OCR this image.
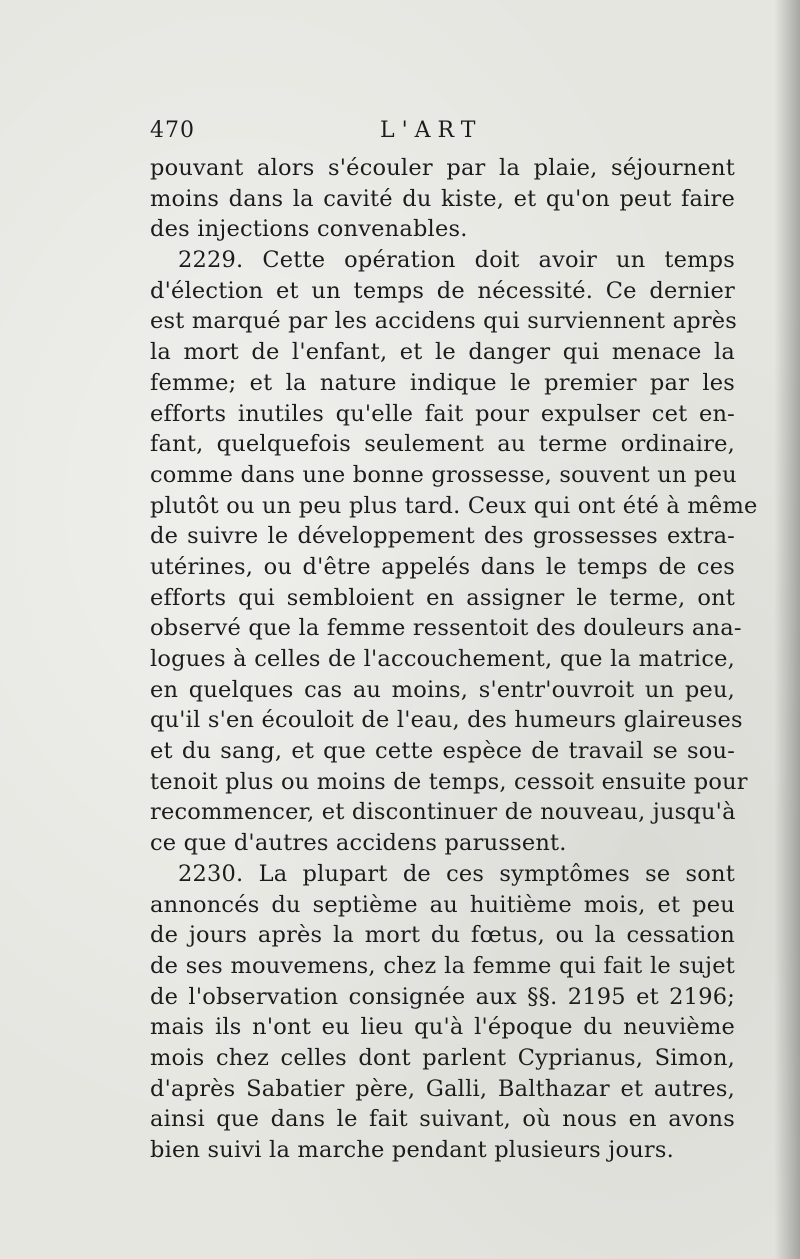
470	L'ART
pouvant alors s'écouler par la plaie, séjournent
moins dans la cavité du kiste, et qu'on peut faire
des injections convenables.
2229. Cette opération doit avoir un temps
d'élection et un temps de nécessité. Ce dernier
est marqué par les accidens qui surviennent après
la mort de l'enfant, et le danger qui menace la
femme; et la nature indique le premier par les
efforts inutiles qu'elle fait pour expulser cet en-
fant, quelquefois seulement au terme ordinaire,
comme dans une bonne grossesse, souvent un peu
plutôt ou un peu plus tard. Ceux qui ont été à même
de suivre le développement des grossesses extra-
utérines, ou d'être appelés dans le temps de ces
efforts qui sembloient en assigner le terme, ont
observé que la femme ressentoit des douleurs ana-
logues à celles de l'accouchement, que la matrice,
en quelques cas au moins, s'entr'ouvroit un peu,
qu'il s'en écouloit de l'eau, des humeurs glaireuses
et du sang, et que cette espèce de travail se sou-
tenoit plus ou moins de temps, cessoit ensuite pour
recommencer, et discontinuer de nouveau, jusqu'à
ce que d'autres accidens parussent.
2230. La plupart de ces symptômes se sont
annoncés du septième au huitième mois, et peu
de jours après la mort du fœtus, ou la cessation
de ses mouvemens, chez la femme qui fait le sujet
de l'observation consignée aux §§. 2195 et 2196;
mais ils n'ont eu lieu qu'à l'époque du neuvième
mois chez celles dont parlent Cyprianus, Simon,
d'après Sabatier père, Galli, Balthazar et autres,
ainsi que dans le fait suivant, où nous en avons
bien suivi la marche pendant plusieurs jours.
